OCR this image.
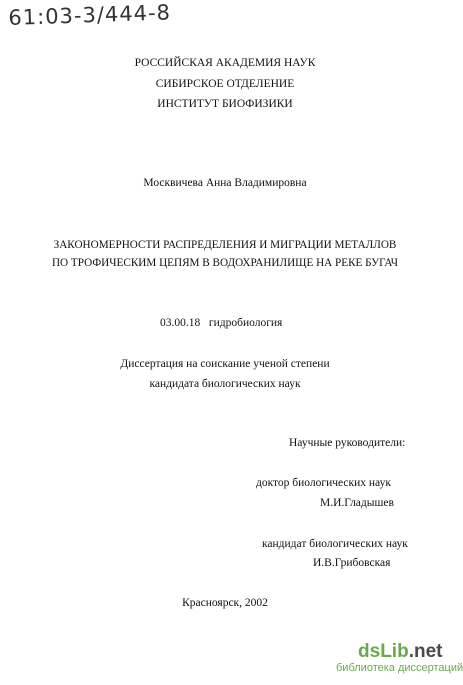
61:03-3/444-8
РОССИЙСКАЯ АКАДЕМИЯ НАУК
СИБИРСКОЕ ОТДЕЛЕНИЕ
ИНСТИТУТ БИОФИЗИКИ
Москвичева Анна Владимировна
ЗАКОНОМЕРНОСТИ РАСПРЕДЕЛЕНИЯ И МИГРАЦИИ МЕТАЛЛОВ
ПО ТРОФИЧЕСКИМ ЦЕПЯМ В ВОДОХРАНИЛИЩЕ НА РЕКЕ БУГАЧ
03.00.18   гидробиология
Диссертация на соискание ученой степени
кандидата биологических наук
Научные руководители:
доктор биологических наук
М.И.Гладышев
кандидат биологических наук
И.В.Грибовская
Красноярск, 2002
dsLib.net
библиотека диссертаций
